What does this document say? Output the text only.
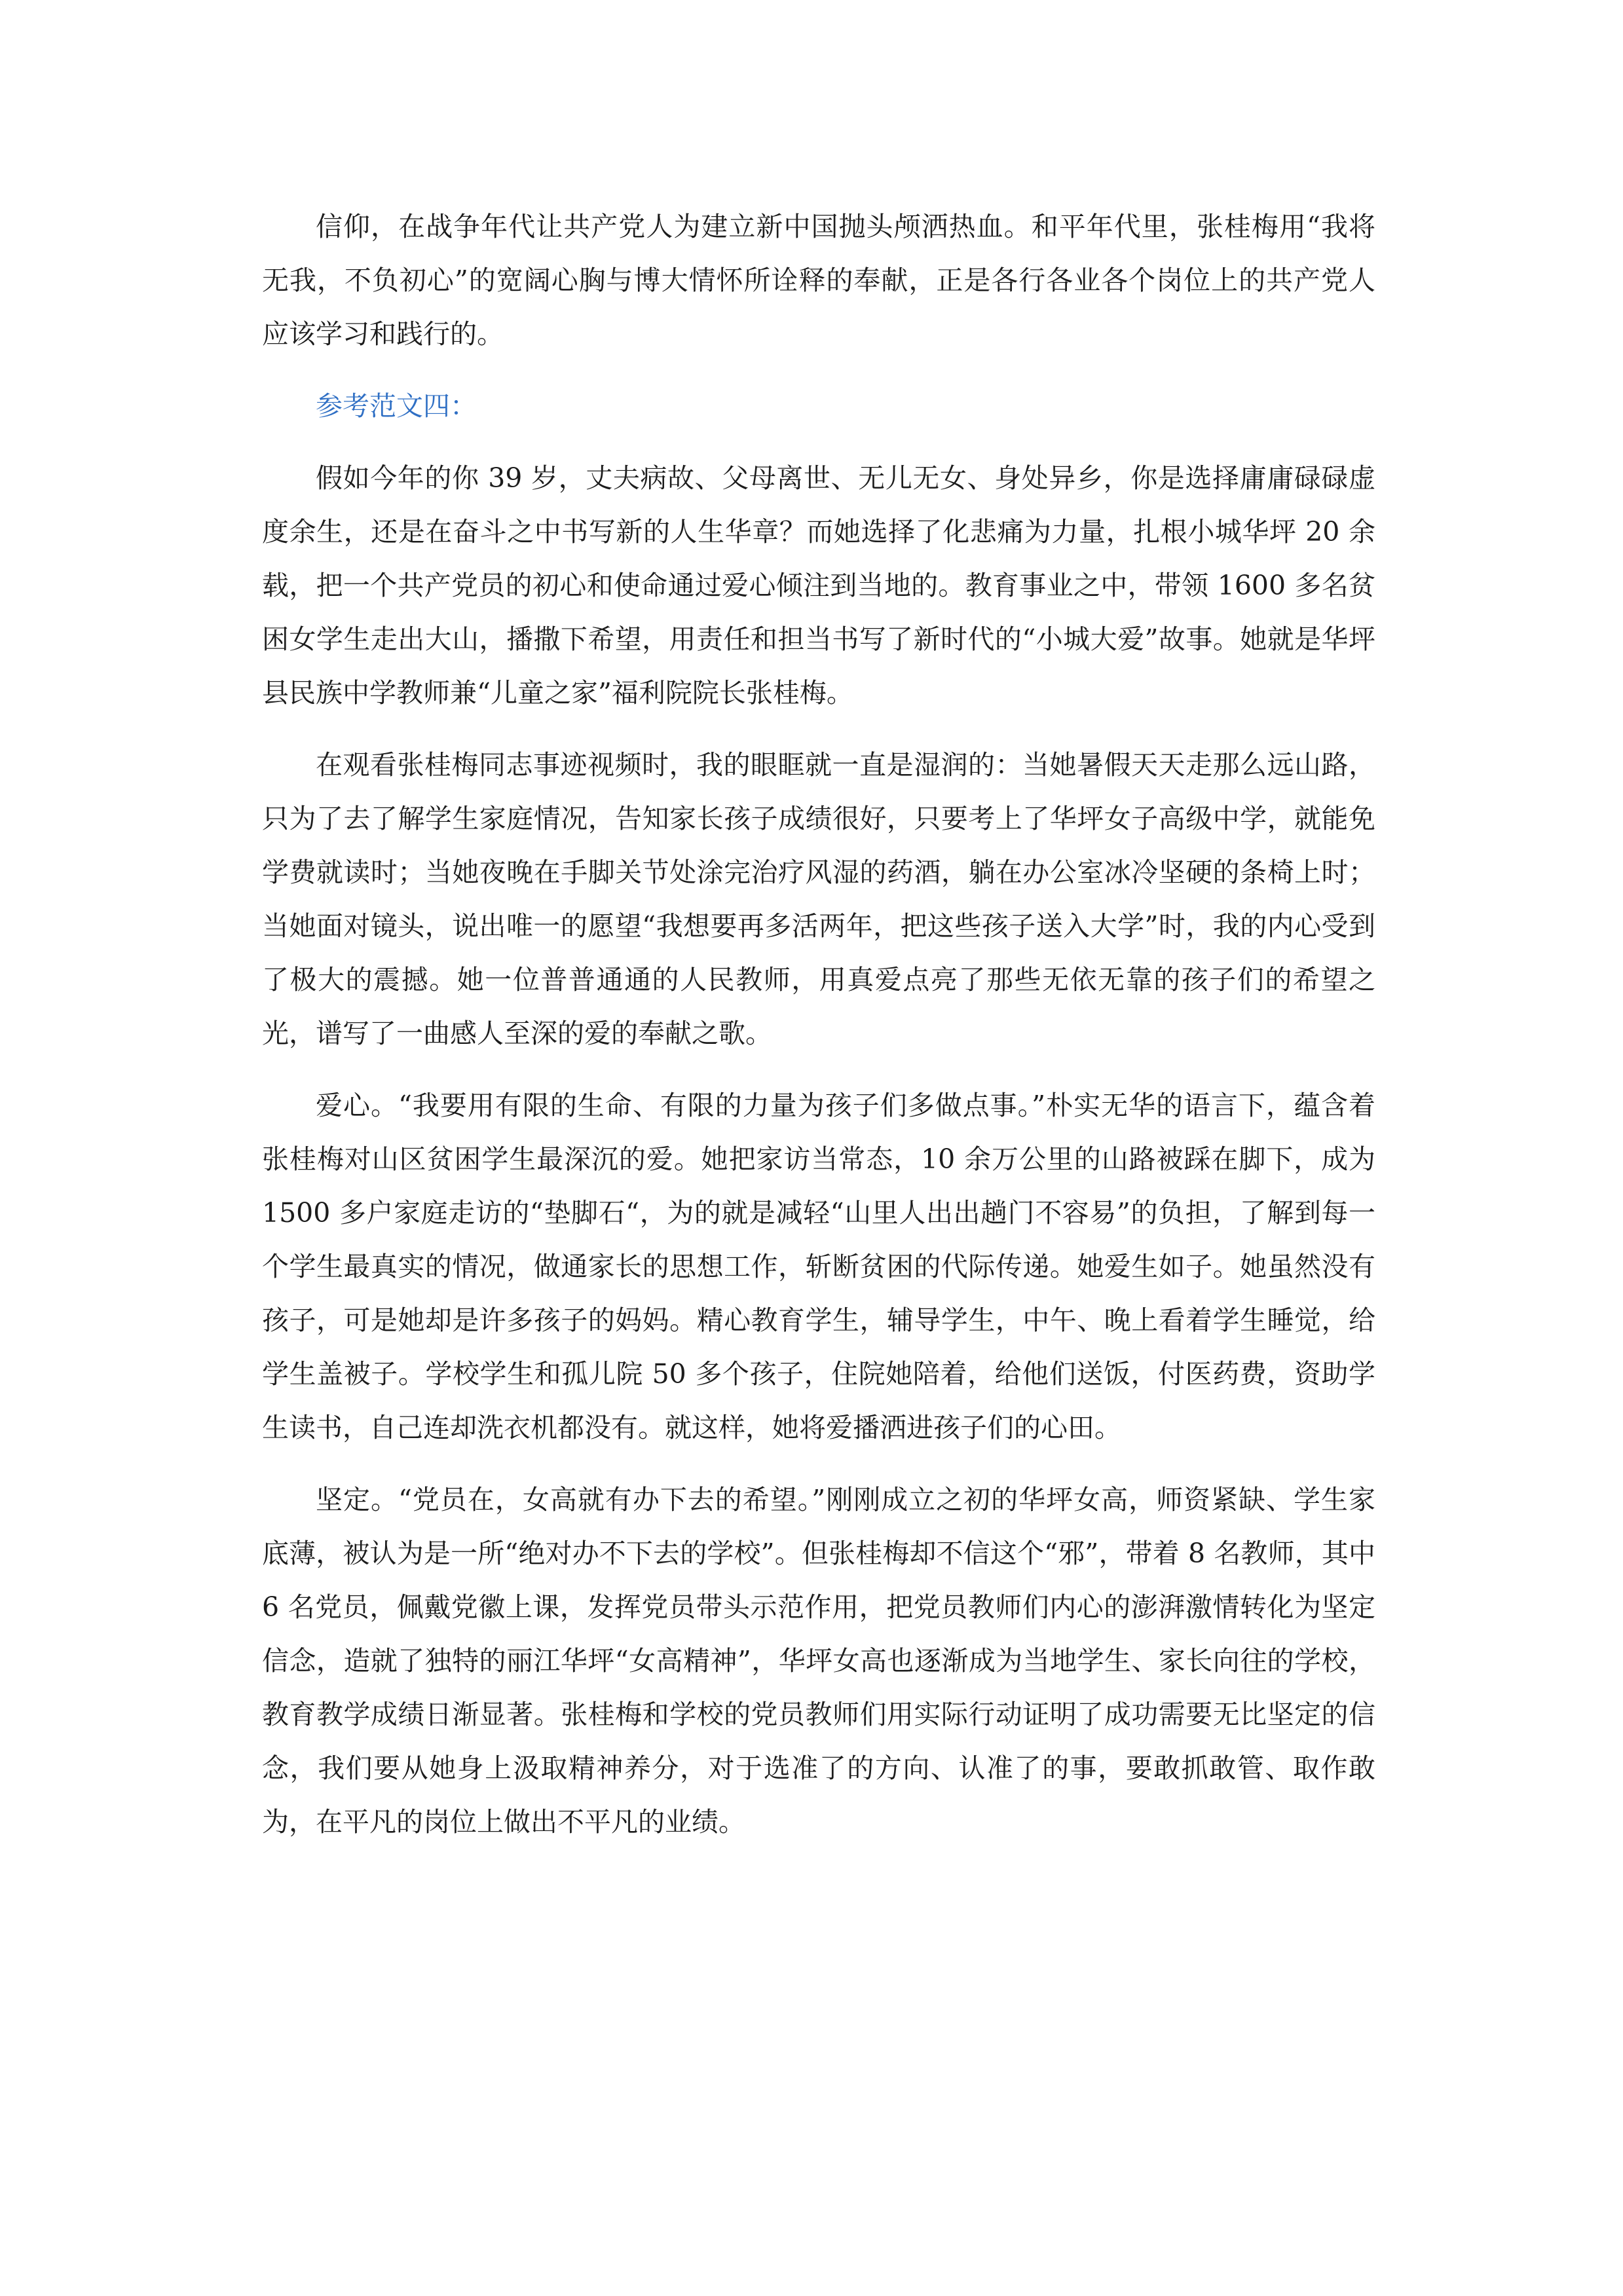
信仰，在战争年代让共产党人为建立新中国抛头颅洒热血。和平年代里，张桂梅用“我将无我，不负初心”的宽阔心胸与博大情怀所诠释的奉献，正是各行各业各个岗位上的共产党人应该学习和践行的。

参考范文四：

假如今年的你 39 岁，丈夫病故、父母离世、无儿无女、身处异乡，你是选择庸庸碌碌虚度余生，还是在奋斗之中书写新的人生华章？而她选择了化悲痛为力量，扎根小城华坪 20 余载，把一个共产党员的初心和使命通过爱心倾注到当地的。教育事业之中，带领 1600 多名贫困女学生走出大山，播撒下希望，用责任和担当书写了新时代的“小城大爱”故事。她就是华坪县民族中学教师兼“儿童之家”福利院院长张桂梅。

在观看张桂梅同志事迹视频时，我的眼眶就一直是湿润的：当她暑假天天走那么远山路，只为了去了解学生家庭情况，告知家长孩子成绩很好，只要考上了华坪女子高级中学，就能免学费就读时；当她夜晚在手脚关节处涂完治疗风湿的药酒，躺在办公室冰冷坚硬的条椅上时；当她面对镜头，说出唯一的愿望“我想要再多活两年，把这些孩子送入大学”时，我的内心受到了极大的震撼。她一位普普通通的人民教师，用真爱点亮了那些无依无靠的孩子们的希望之光，谱写了一曲感人至深的爱的奉献之歌。

爱心。“我要用有限的生命、有限的力量为孩子们多做点事。”朴实无华的语言下，蕴含着张桂梅对山区贫困学生最深沉的爱。她把家访当常态，10 余万公里的山路被踩在脚下，成为 1500 多户家庭走访的“垫脚石“，为的就是减轻“山里人出出趟门不容易”的负担，了解到每一个学生最真实的情况，做通家长的思想工作，斩断贫困的代际传递。她爱生如子。她虽然没有孩子，可是她却是许多孩子的妈妈。精心教育学生，辅导学生，中午、晚上看着学生睡觉，给学生盖被子。学校学生和孤儿院 50 多个孩子，住院她陪着，给他们送饭，付医药费，资助学生读书，自己连却洗衣机都没有。就这样，她将爱播洒进孩子们的心田。

坚定。“党员在，女高就有办下去的希望。”刚刚成立之初的华坪女高，师资紧缺、学生家底薄，被认为是一所“绝对办不下去的学校”。但张桂梅却不信这个“邪”，带着 8 名教师，其中 6 名党员，佩戴党徽上课，发挥党员带头示范作用，把党员教师们内心的澎湃激情转化为坚定信念，造就了独特的丽江华坪“女高精神”，华坪女高也逐渐成为当地学生、家长向往的学校，教育教学成绩日渐显著。张桂梅和学校的党员教师们用实际行动证明了成功需要无比坚定的信念，我们要从她身上汲取精神养分，对于选准了的方向、认准了的事，要敢抓敢管、取作敢为，在平凡的岗位上做出不平凡的业绩。
